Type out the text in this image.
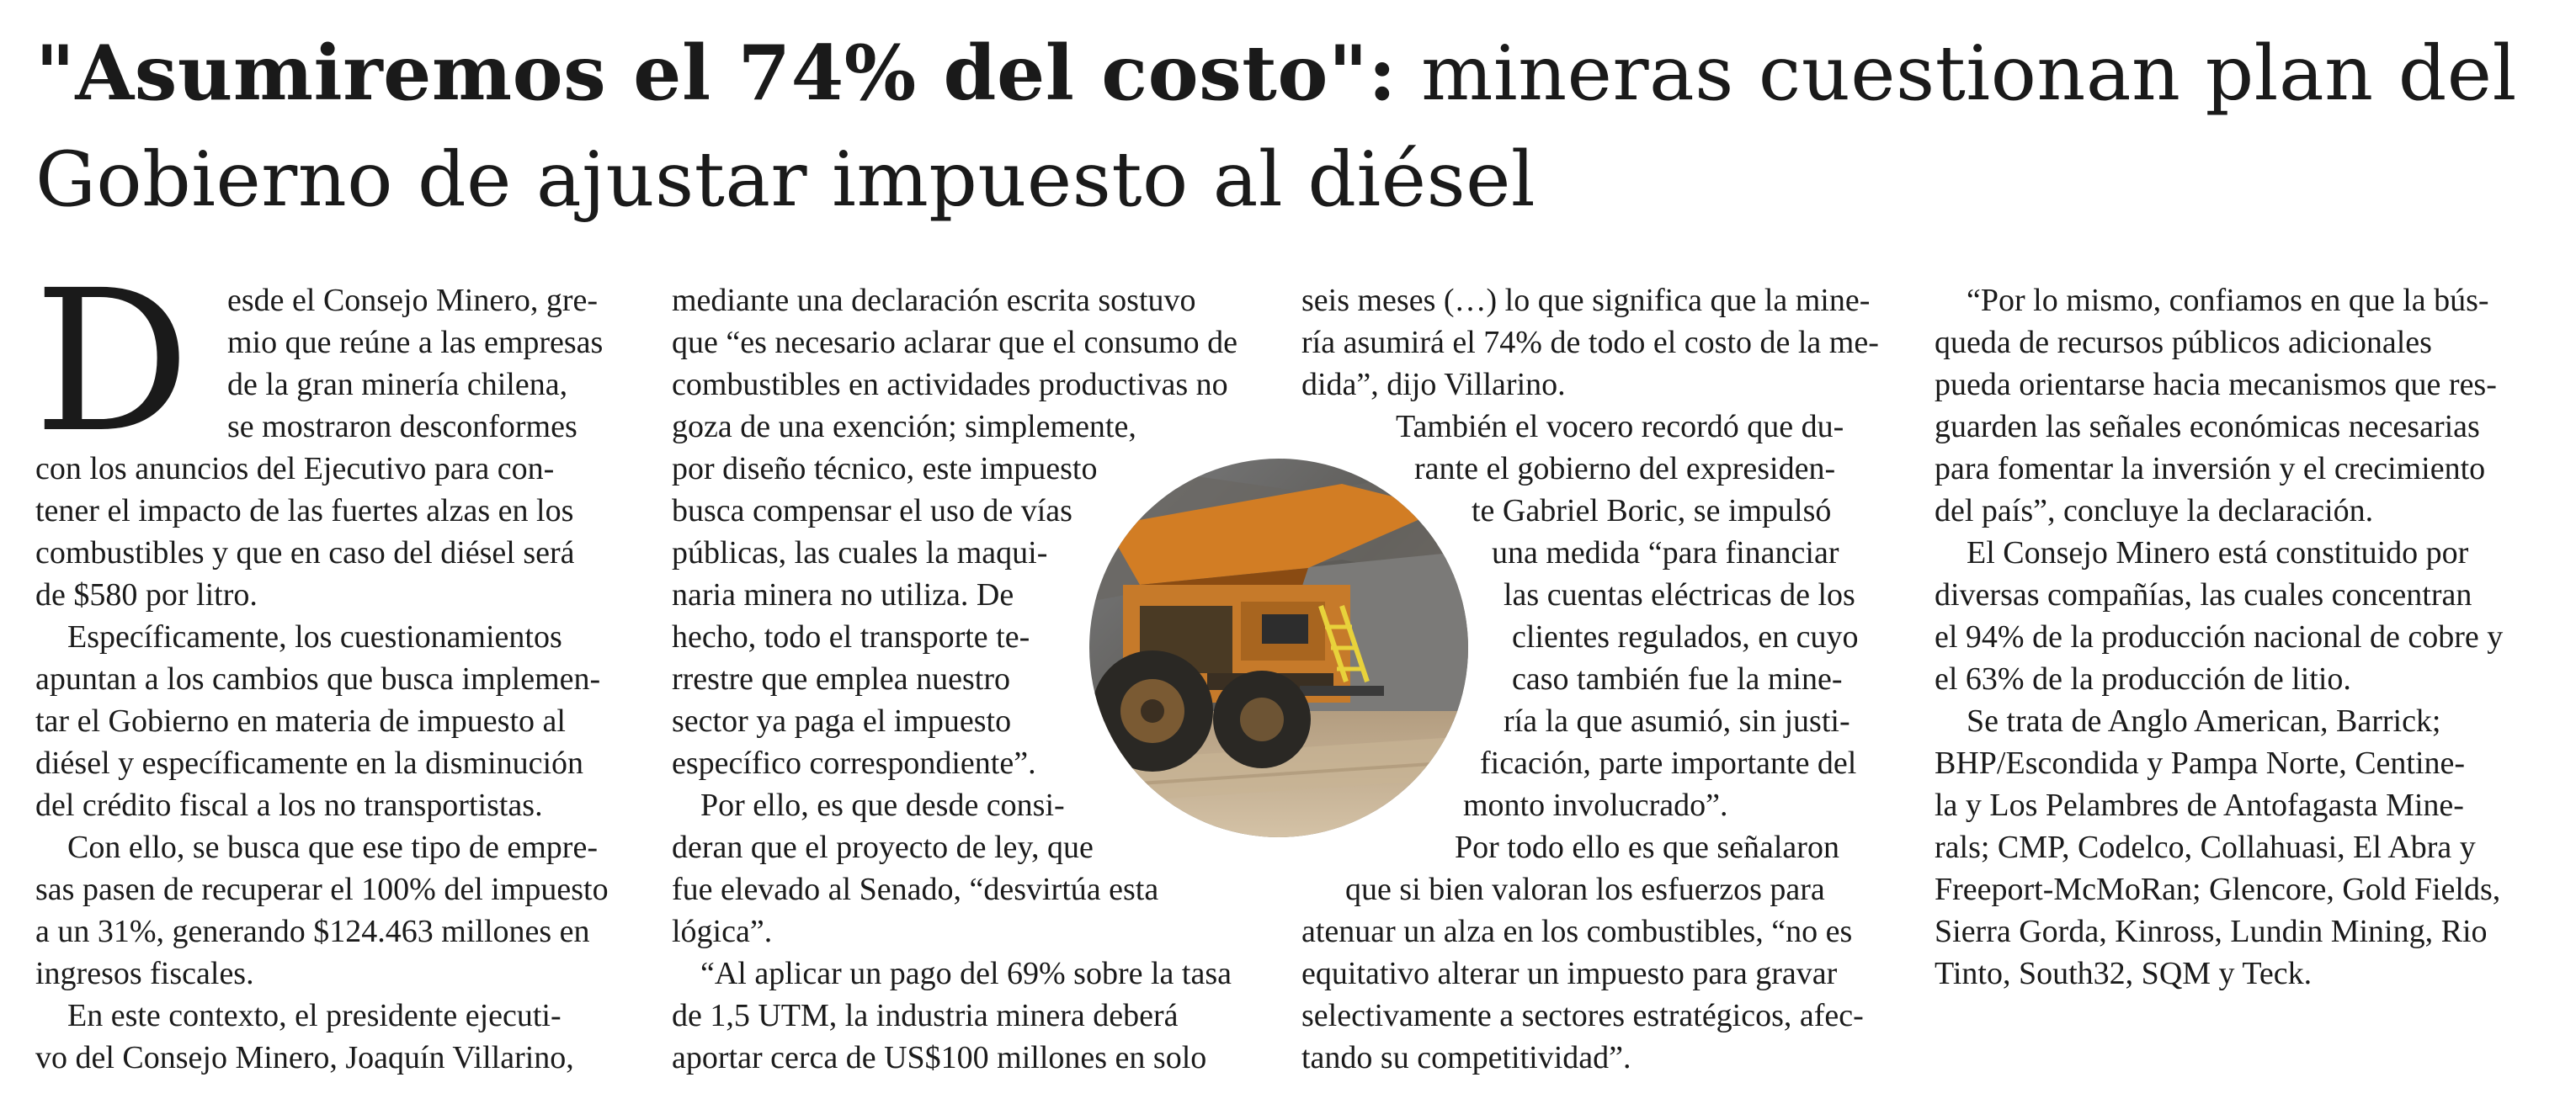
"Asumiremos el 74% del costo": mineras cuestionan plan del Gobierno de ajustar impuesto al diésel
D esde el Consejo Minero, gre-
mio que reúne a las empresas
de la gran minería chilena,
se mostraron desconformes
con los anuncios del Ejecutivo para con-
tener el impacto de las fuertes alzas en los
combustibles y que en caso del diésel será
de $580 por litro.
Específicamente, los cuestionamientos
apuntan a los cambios que busca implemen-
tar el Gobierno en materia de impuesto al
diésel y específicamente en la disminución
del crédito fiscal a los no transportistas.
Con ello, se busca que ese tipo de empre-
sas pasen de recuperar el 100% del impuesto
a un 31%, generando $124.463 millones en
ingresos fiscales.
En este contexto, el presidente ejecuti-
vo del Consejo Minero, Joaquín Villarino,
mediante una declaración escrita sostuvo
que “es necesario aclarar que el consumo de
combustibles en actividades productivas no
goza de una exención; simplemente,
por diseño técnico, este impuesto
busca compensar el uso de vías
públicas, las cuales la maqui-
naria minera no utiliza. De
hecho, todo el transporte te-
rrestre que emplea nuestro
sector ya paga el impuesto
específico correspondiente”.
Por ello, es que desde consi-
deran que el proyecto de ley, que
fue elevado al Senado, “desvirtúa esta
lógica”.
“Al aplicar un pago del 69% sobre la tasa
de 1,5 UTM, la industria minera deberá
aportar cerca de US$100 millones en solo
seis meses (…) lo que significa que la mine-
ría asumirá el 74% de todo el costo de la me-
dida”, dijo Villarino.
También el vocero recordó que du-
rante el gobierno del expresiden-
te Gabriel Boric, se impulsó
una medida “para financiar
las cuentas eléctricas de los
clientes regulados, en cuyo
caso también fue la mine-
ría la que asumió, sin justi-
ficación, parte importante del
monto involucrado”.
Por todo ello es que señalaron
que si bien valoran los esfuerzos para
atenuar un alza en los combustibles, “no es
equitativo alterar un impuesto para gravar
selectivamente a sectores estratégicos, afec-
tando su competitividad”.
“Por lo mismo, confiamos en que la bús-
queda de recursos públicos adicionales
pueda orientarse hacia mecanismos que res-
guarden las señales económicas necesarias
para fomentar la inversión y el crecimiento
del país”, concluye la declaración.
El Consejo Minero está constituido por
diversas compañías, las cuales concentran
el 94% de la producción nacional de cobre y
el 63% de la producción de litio.
Se trata de Anglo American, Barrick;
BHP/Escondida y Pampa Norte, Centine-
la y Los Pelambres de Antofagasta Mine-
rals; CMP, Codelco, Collahuasi, El Abra y
Freeport-McMoRan; Glencore, Gold Fields,
Sierra Gorda, Kinross, Lundin Mining, Rio
Tinto, South32, SQM y Teck.
